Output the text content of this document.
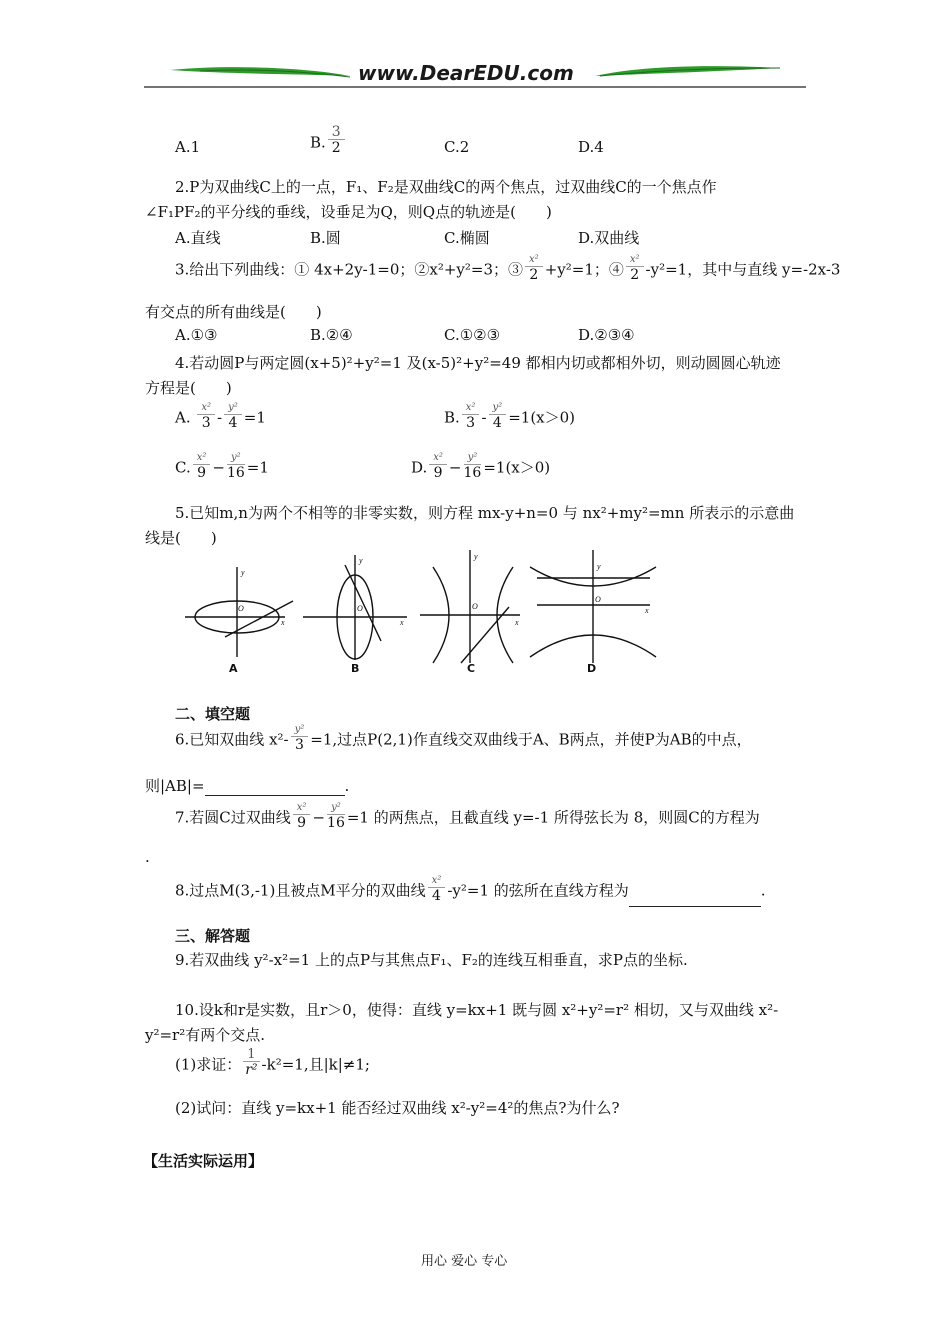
www.DearEDU.com
A.1	B. $\frac{3}{2}$	C.2	D.4
2.P为双曲线C上的一点，F₁、F₂是双曲线C的两个焦点，过双曲线C的一个焦点作
∠F₁PF₂的平分线的垂线，设垂足为Q，则Q点的轨迹是(　　)
A.直线	B.圆	C.椭圆	D.双曲线
3.给出下列曲线：① 4x+2y-1=0；②x²+y²=3；③ $\frac{\text{x²}}{2} +y^2=1$；④ $\frac{\text{x²}}{2} -y^2=1$，其中与直线 y=-2x-3
有交点的所有曲线是(　　)
A.①③	B.②④	C.①②③	D.②③④
4.若动圆P与两定圆(x+5)²+y²=1 及(x-5)²+y²=49 都相内切或都相外切，则动圆圆心轨迹
方程是(　　)
A. $\frac{\text{x²}}{3} - \frac{\text{y²}}{4} =1$	B. $\frac{\text{x²}}{3} - \frac{\text{y²}}{4} =1(x>0)$
C. $\frac{\text{x²}}{9} - \frac{\text{y²}}{16} =1$	D. $\frac{\text{x²}}{9} - \frac{\text{y²}}{16} =1(x>0)$
5.已知m,n为两个不相等的非零实数，则方程 mx-y+n=0 与 nx²+my²=mn 所表示的示意曲
线是(　　)
y
O
x
y
O
x
y
O
x
y
O
x
A	B	C	D
二、填空题
6.已知双曲线 $x^2- \frac{\text{y²}}{3} =1$,过点P(2,1)作直线交双曲线于A、B两点，并使P为AB的中点，
则|AB|=	.
7.若圆C过双曲线 $\frac{\text{x²}}{9} - \frac{\text{y²}}{16} =1$ 的两焦点，且截直线 y=-1 所得弦长为 8，则圆C的方程为
.
8.过点M(3,-1)且被点M平分的双曲线 $\frac{\text{x²}}{4} -y^2=1$ 的弦所在直线方程为	.
三、解答题
9.若双曲线 y²-x²=1 上的点P与其焦点F₁、F₂的连线互相垂直，求P点的坐标.
10.设k和r是实数，且r＞0，使得：直线 y=kx+1 既与圆 x²+y²=r² 相切，又与双曲线 x²-
y²=r²有两个交点.
(1)求证： $\frac{1}{\text{r²}} -k^2=1$,且|k|≠1;
(2)试问：直线 y=kx+1 能否经过双曲线 x²-y²=4²的焦点?为什么?
【生活实际运用】
用心 爱心 专心
